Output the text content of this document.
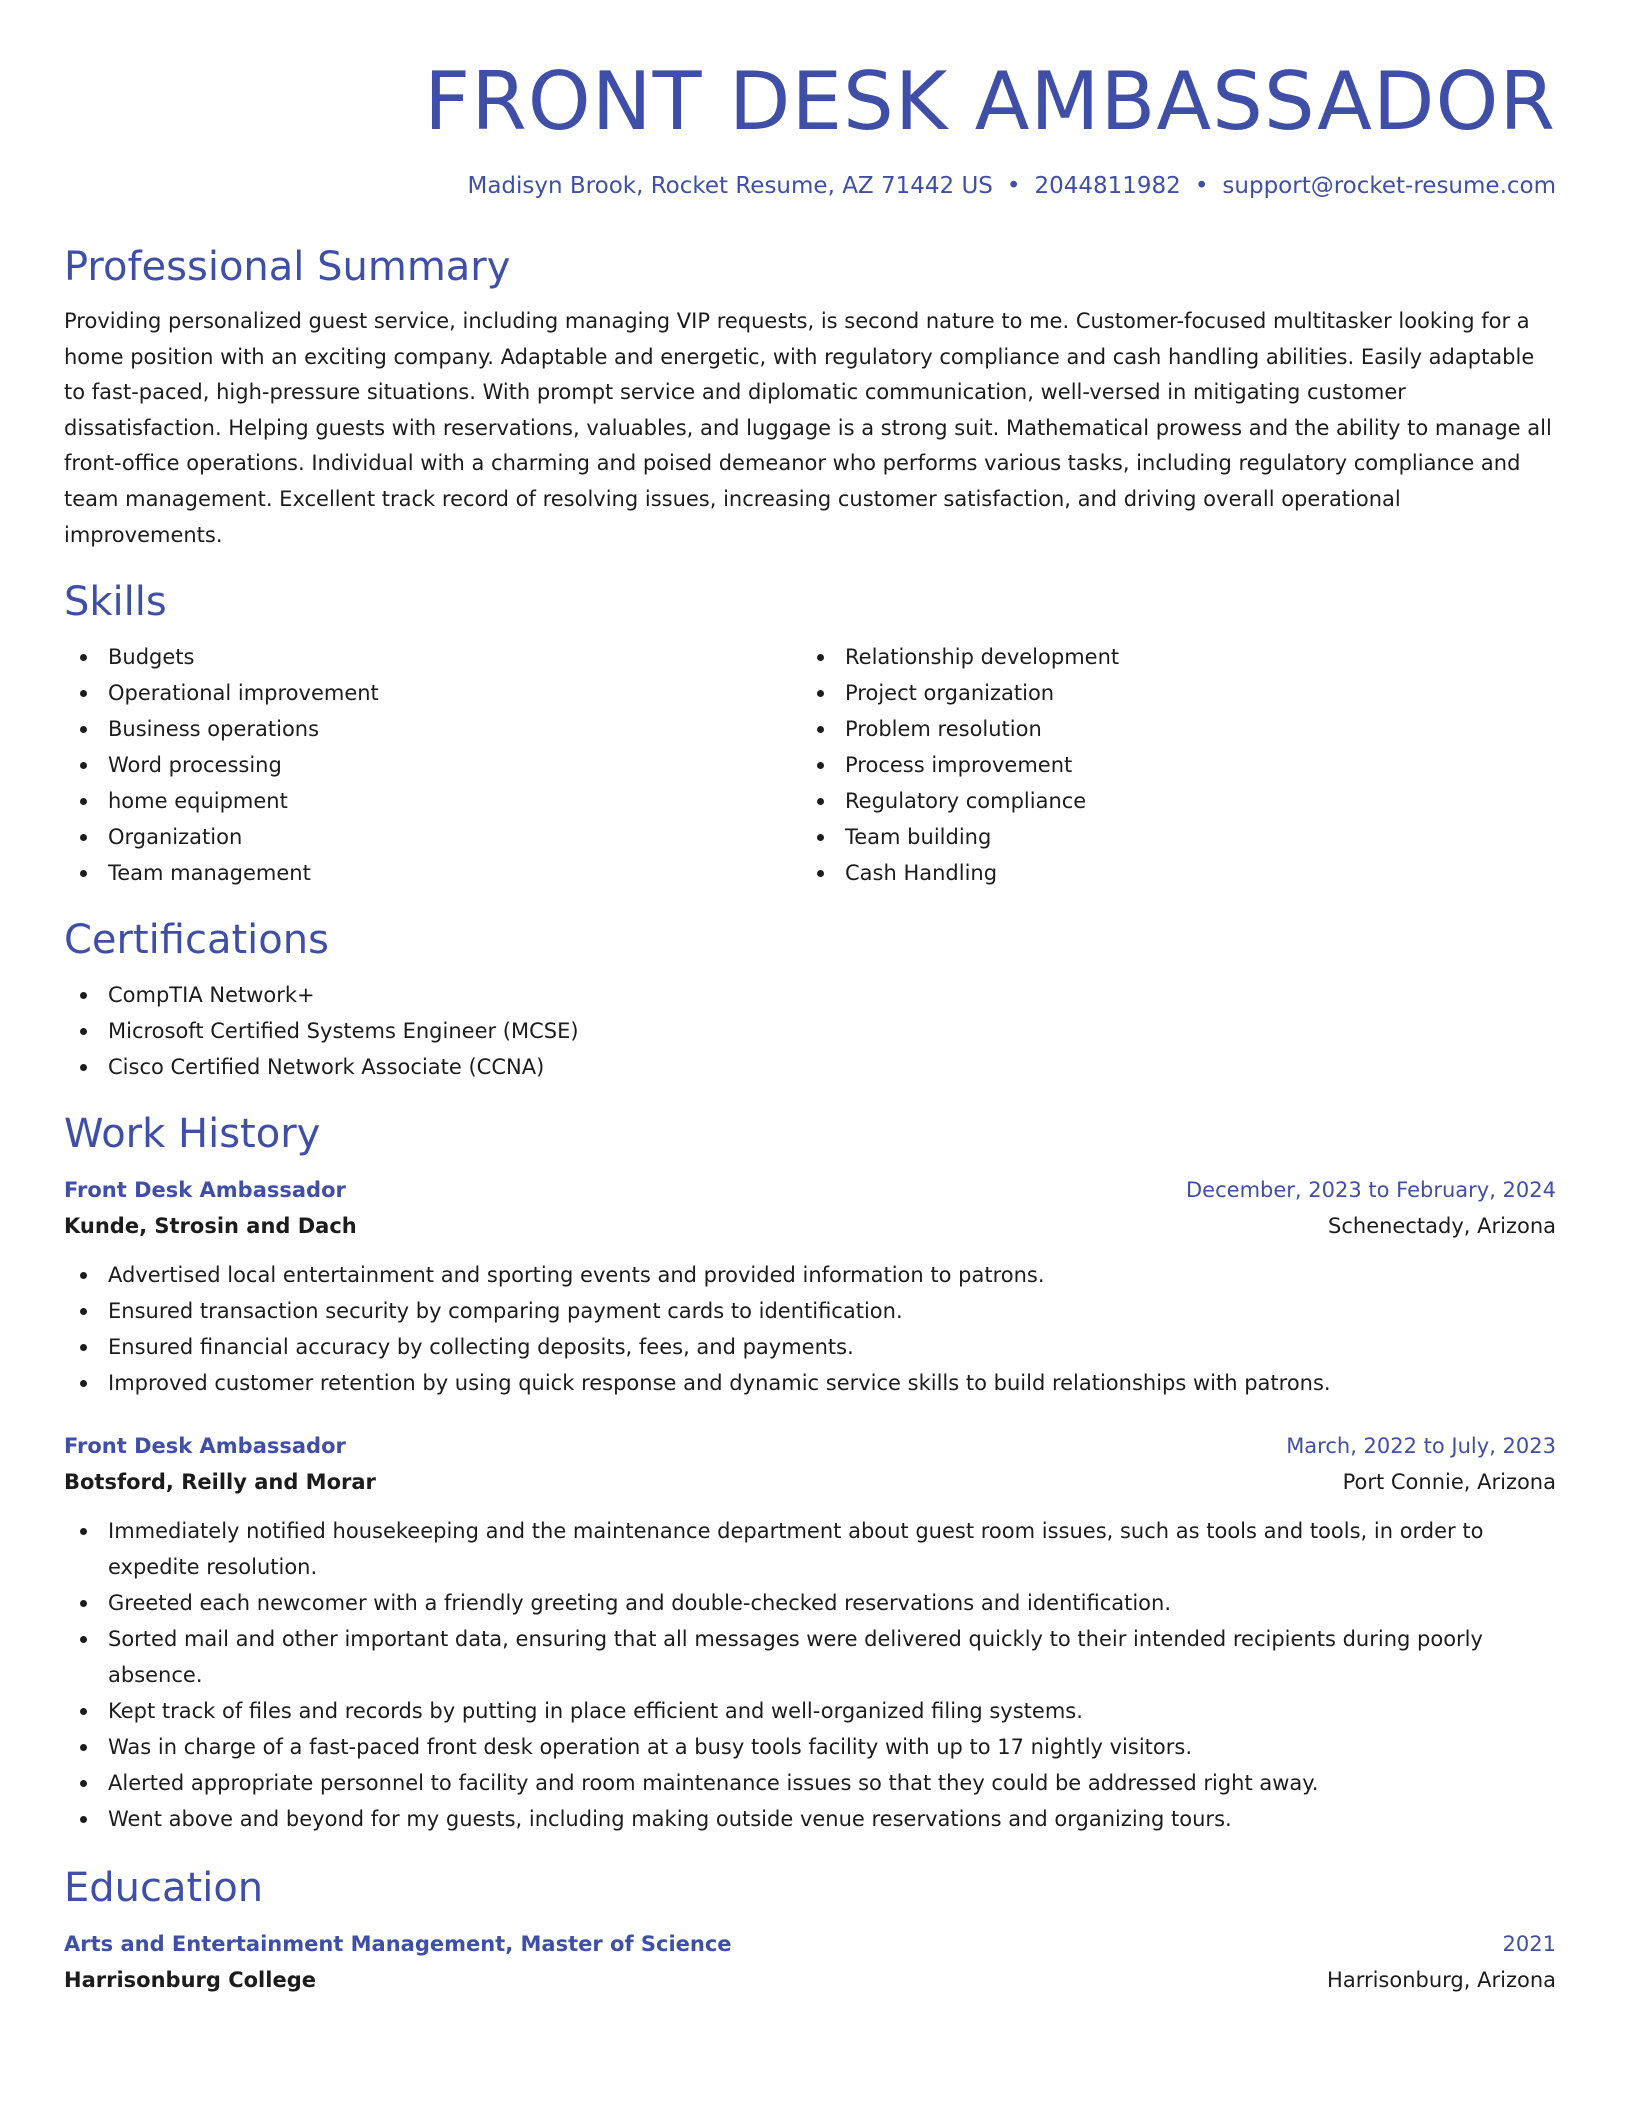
FRONT DESK AMBASSADOR
Madisyn Brook, Rocket Resume, AZ 71442 US • 2044811982 • support@rocket-resume.com
Professional Summary

Providing personalized guest service, including managing VIP requests, is second nature to me. Customer-focused multitasker looking for a home position with an exciting company. Adaptable and energetic, with regulatory compliance and cash handling abilities. Easily adaptable to fast-paced, high-pressure situations. With prompt service and diplomatic communication, well-versed in mitigating customer dissatisfaction. Helping guests with reservations, valuables, and luggage is a strong suit. Mathematical prowess and the ability to manage all front-office operations. Individual with a charming and poised demeanor who performs various tasks, including regulatory compliance and team management. Excellent track record of resolving issues, increasing customer satisfaction, and driving overall operational improvements.

Skills
Budgets
Operational improvement
Business operations
Word processing
home equipment
Organization
Team management
Relationship development
Project organization
Problem resolution
Process improvement
Regulatory compliance
Team building
Cash Handling
Certifications
CompTIA Network+
Microsoft Certified Systems Engineer (MCSE)
Cisco Certified Network Associate (CCNA)
Work History
Front Desk Ambassador	December, 2023 to February, 2024
Kunde, Strosin and Dach	Schenectady, Arizona
Advertised local entertainment and sporting events and provided information to patrons.
Ensured transaction security by comparing payment cards to identification.
Ensured financial accuracy by collecting deposits, fees, and payments.
Improved customer retention by using quick response and dynamic service skills to build relationships with patrons.
Front Desk Ambassador	March, 2022 to July, 2023
Botsford, Reilly and Morar	Port Connie, Arizona
Immediately notified housekeeping and the maintenance department about guest room issues, such as tools and tools, in order to expedite resolution.
Greeted each newcomer with a friendly greeting and double-checked reservations and identification.
Sorted mail and other important data, ensuring that all messages were delivered quickly to their intended recipients during poorly absence.
Kept track of files and records by putting in place efficient and well-organized filing systems.
Was in charge of a fast-paced front desk operation at a busy tools facility with up to 17 nightly visitors.
Alerted appropriate personnel to facility and room maintenance issues so that they could be addressed right away.
Went above and beyond for my guests, including making outside venue reservations and organizing tours.
Education
Arts and Entertainment Management, Master of Science	2021
Harrisonburg College	Harrisonburg, Arizona
